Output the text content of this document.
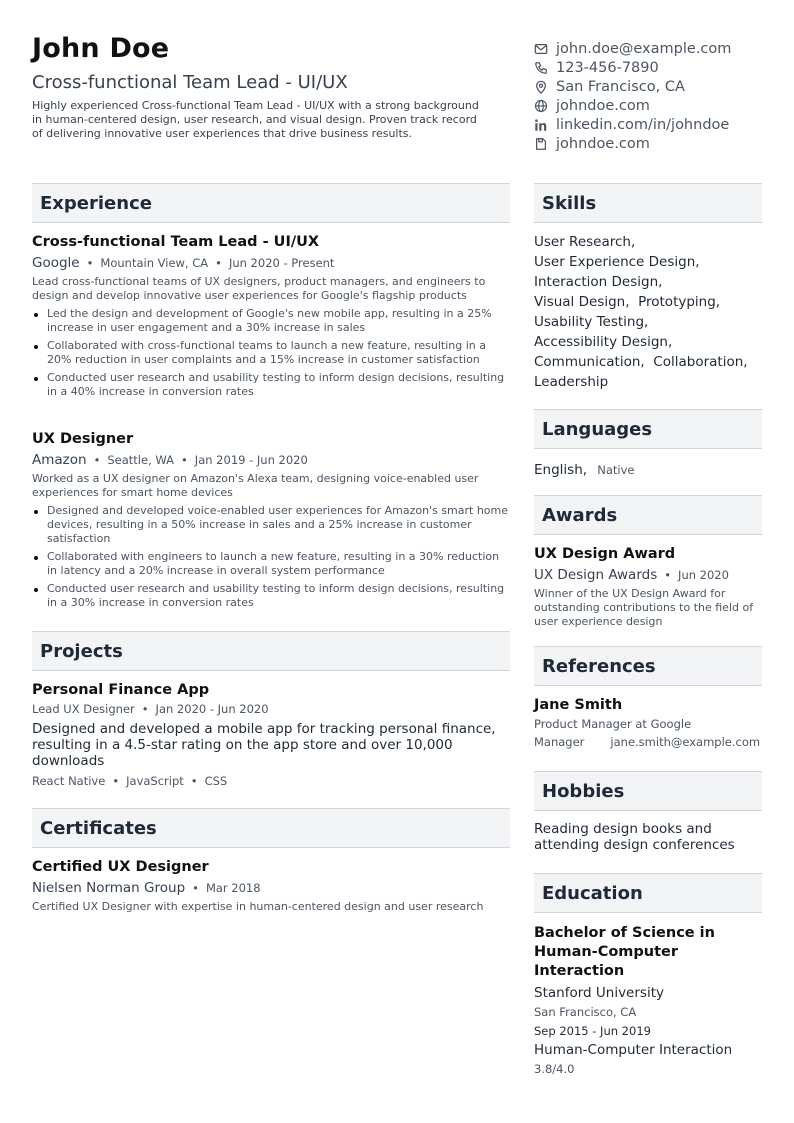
John Doe
Cross-functional Team Lead - UI/UX
Highly experienced Cross-functional Team Lead - UI/UX with a strong background in human-centered design, user research, and visual design. Proven track record of delivering innovative user experiences that drive business results.
john.doe@example.com
123-456-7890
San Francisco, CA
johndoe.com
linkedin.com/in/johndoe
johndoe.com
Experience
Cross-functional Team Lead - UI/UX
Google • Mountain View, CA • Jun 2020 - Present
Lead cross-functional teams of UX designers, product managers, and engineers to design and develop innovative user experiences for Google's flagship products
Led the design and development of Google's new mobile app, resulting in a 25% increase in user engagement and a 30% increase in sales
Collaborated with cross-functional teams to launch a new feature, resulting in a 20% reduction in user complaints and a 15% increase in customer satisfaction
Conducted user research and usability testing to inform design decisions, resulting in a 40% increase in conversion rates
UX Designer
Amazon • Seattle, WA • Jan 2019 - Jun 2020
Worked as a UX designer on Amazon's Alexa team, designing voice-enabled user experiences for smart home devices
Designed and developed voice-enabled user experiences for Amazon's smart home devices, resulting in a 50% increase in sales and a 25% increase in customer satisfaction
Collaborated with engineers to launch a new feature, resulting in a 30% reduction in latency and a 20% increase in overall system performance
Conducted user research and usability testing to inform design decisions, resulting in a 30% increase in conversion rates
Projects
Personal Finance App
Lead UX Designer • Jan 2020 - Jun 2020
Designed and developed a mobile app for tracking personal finance, resulting in a 4.5-star rating on the app store and over 10,000 downloads
React Native • JavaScript • CSS
Certificates
Certified UX Designer
Nielsen Norman Group • Mar 2018
Certified UX Designer with expertise in human-centered design and user research
Skills
User Research,
User Experience Design,
Interaction Design,
Visual Design, Prototyping,
Usability Testing,
Accessibility Design,
Communication, Collaboration,
Leadership
Languages
English, Native
Awards
UX Design Award
UX Design Awards • Jun 2020
Winner of the UX Design Award for outstanding contributions to the field of user experience design
References
Jane Smith
Product Manager at Google
Manager jane.smith@example.com
Hobbies
Reading design books and attending design conferences
Education
Bachelor of Science in Human-Computer Interaction
Stanford University
San Francisco, CA
Sep 2015 - Jun 2019
Human-Computer Interaction
3.8/4.0
